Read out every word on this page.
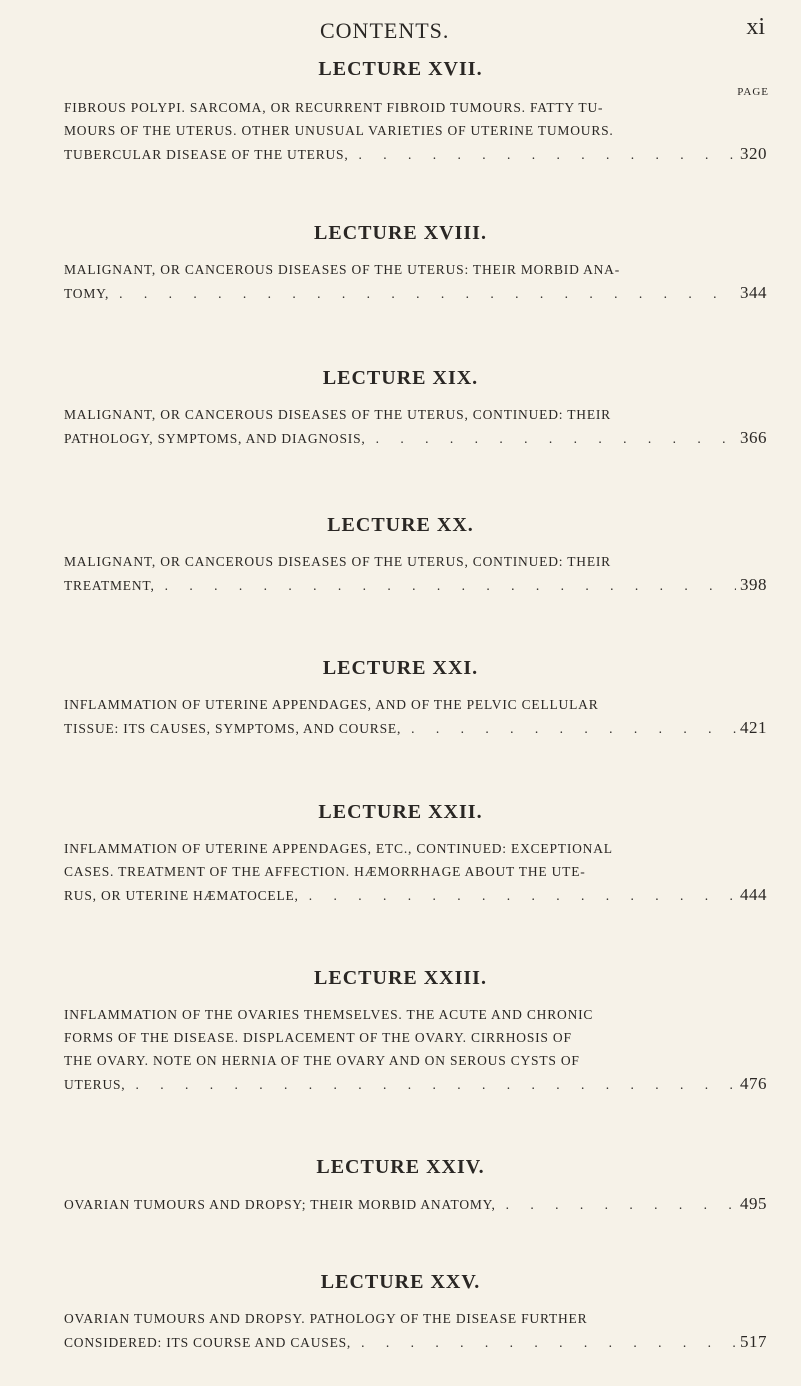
CONTENTS.	xi
LECTURE XVII.
PAGE
FIBROUS POLYPI. SARCOMA, OR RECURRENT FIBROID TUMOURS. FATTY TU-
MOURS OF THE UTERUS. OTHER UNUSUAL VARIETIES OF UTERINE TUMOURS.
TUBERCULAR DISEASE OF THE UTERUS, . . .	320
LECTURE XVIII.
MALIGNANT, OR CANCEROUS DISEASES OF THE UTERUS: THEIR MORBID ANA-
TOMY, . . .	344
LECTURE XIX.
MALIGNANT, OR CANCEROUS DISEASES OF THE UTERUS, CONTINUED: THEIR
PATHOLOGY, SYMPTOMS, AND DIAGNOSIS, . . .	366
LECTURE XX.
MALIGNANT, OR CANCEROUS DISEASES OF THE UTERUS, CONTINUED: THEIR
TREATMENT, . . .	398
LECTURE XXI.
INFLAMMATION OF UTERINE APPENDAGES, AND OF THE PELVIC CELLULAR
TISSUE: ITS CAUSES, SYMPTOMS, AND COURSE, . . .	421
LECTURE XXII.
INFLAMMATION OF UTERINE APPENDAGES, ETC., CONTINUED: EXCEPTIONAL
CASES. TREATMENT OF THE AFFECTION. HÆMORRHAGE ABOUT THE UTE-
RUS, OR UTERINE HÆMATOCELE, . . .	444
LECTURE XXIII.
INFLAMMATION OF THE OVARIES THEMSELVES. THE ACUTE AND CHRONIC
FORMS OF THE DISEASE. DISPLACEMENT OF THE OVARY. CIRRHOSIS OF
THE OVARY. NOTE ON HERNIA OF THE OVARY AND ON SEROUS CYSTS OF
UTERUS, . . .	476
LECTURE XXIV.
OVARIAN TUMOURS AND DROPSY; THEIR MORBID ANATOMY, . . .	495
LECTURE XXV.
OVARIAN TUMOURS AND DROPSY. PATHOLOGY OF THE DISEASE FURTHER
CONSIDERED: ITS COURSE AND CAUSES, . . .	517
